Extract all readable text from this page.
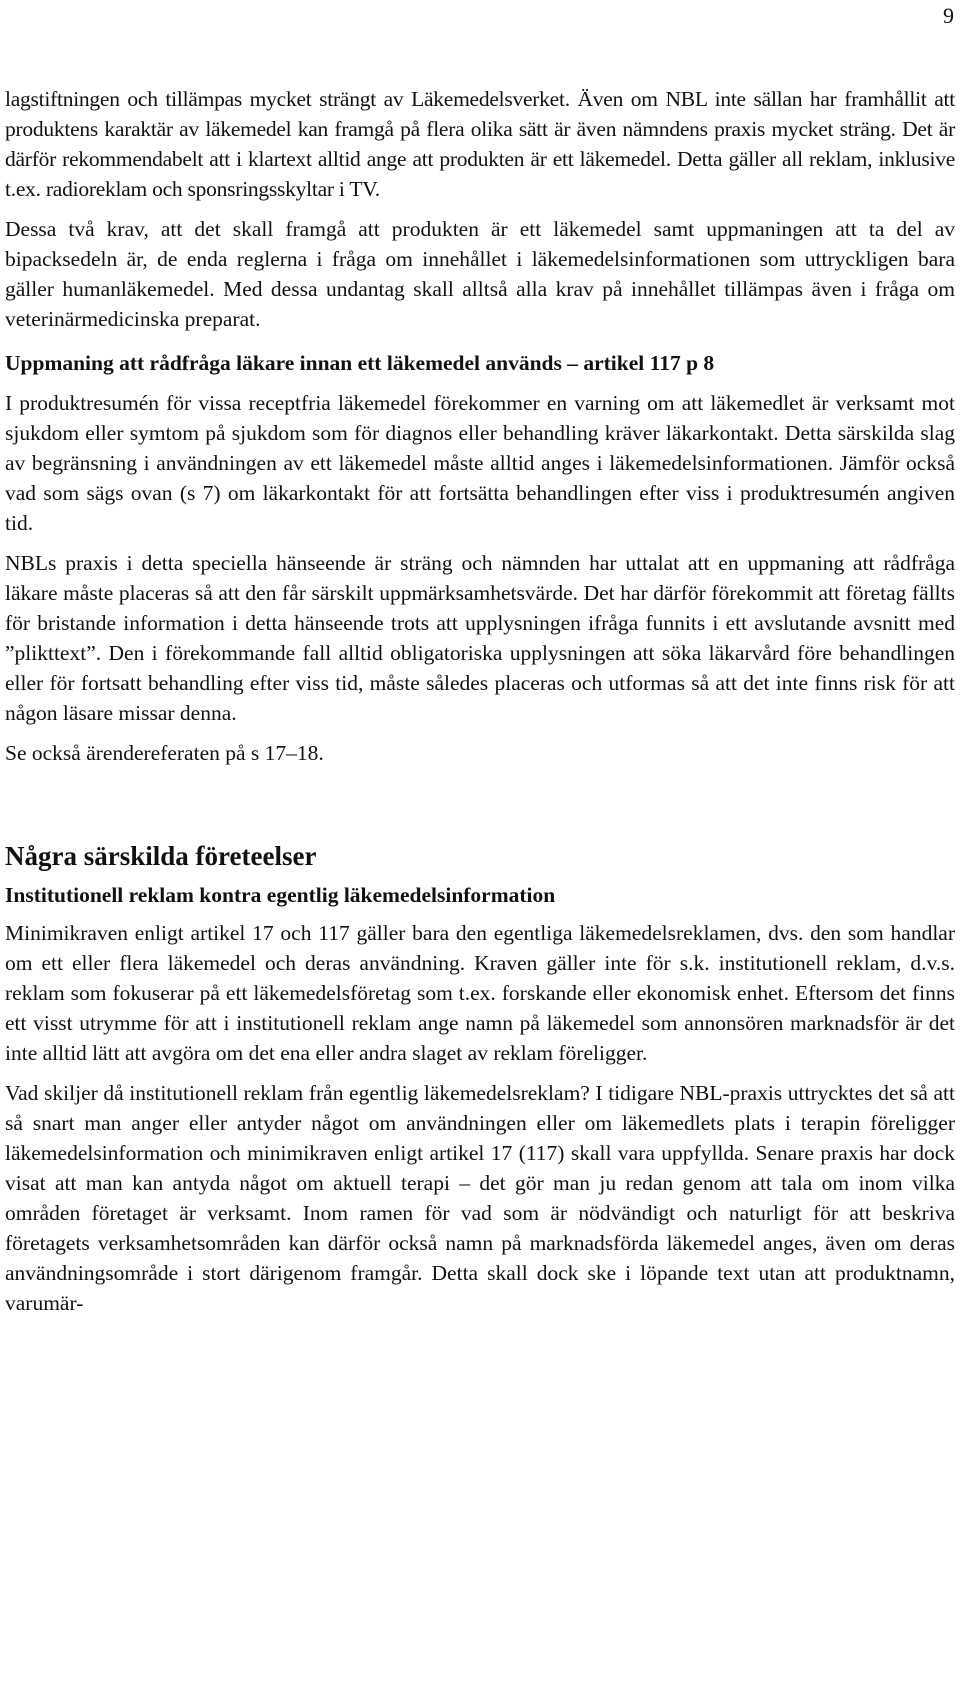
9

lagstiftningen och tillämpas mycket strängt av Läkemedelsverket. Även om NBL inte sällan har framhållit att produktens karaktär av läkemedel kan framgå på flera olika sätt är även nämndens praxis mycket sträng. Det är därför rekommendabelt att i klartext alltid ange att produkten är ett läkemedel. Detta gäller all reklam, inklusive t.ex. radioreklam och sponsringsskyltar i TV.

Dessa två krav, att det skall framgå att produkten är ett läkemedel samt uppmaningen att ta del av bipacksedeln är, de enda reglerna i fråga om innehållet i läkemedelsinformationen som uttryckligen bara gäller humanläkemedel. Med dessa undantag skall alltså alla krav på innehållet tillämpas även i fråga om veterinärmedicinska preparat.

Uppmaning att rådfråga läkare innan ett läkemedel används – artikel 117 p 8

I produktresumén för vissa receptfria läkemedel förekommer en varning om att läkemedlet är verksamt mot sjukdom eller symtom på sjukdom som för diagnos eller behandling kräver läkarkontakt. Detta särskilda slag av begränsning i användningen av ett läkemedel måste alltid anges i läkemedelsinformationen. Jämför också vad som sägs ovan (s 7) om läkarkontakt för att fortsätta behandlingen efter viss i produktresumén angiven tid.

NBLs praxis i detta speciella hänseende är sträng och nämnden har uttalat att en uppmaning att rådfråga läkare måste placeras så att den får särskilt uppmärksamhetsvärde. Det har därför förekommit att företag fällts för bristande information i detta hänseende trots att upplysningen ifråga funnits i ett avslutande avsnitt med ”plikttext”. Den i förekommande fall alltid obligatoriska upplysningen att söka läkarvård före behandlingen eller för fortsatt behandling efter viss tid, måste således placeras och utformas så att det inte finns risk för att någon läsare missar denna.

Se också ärendereferaten på s 17–18.

Några särskilda företeelser
Institutionell reklam kontra egentlig läkemedelsinformation

Minimikraven enligt artikel 17 och 117 gäller bara den egentliga läkemedelsreklamen, dvs. den som handlar om ett eller flera läkemedel och deras användning. Kraven gäller inte för s.k. institutionell reklam, d.v.s. reklam som fokuserar på ett läkemedelsföretag som t.ex. forskande eller ekonomisk enhet. Eftersom det finns ett visst utrymme för att i institutionell reklam ange namn på läkemedel som annonsören marknadsför är det inte alltid lätt att avgöra om det ena eller andra slaget av reklam föreligger.

Vad skiljer då institutionell reklam från egentlig läkemedelsreklam? I tidigare NBL-praxis uttrycktes det så att så snart man anger eller antyder något om användningen eller om läkemedlets plats i terapin föreligger läkemedelsinformation och minimikraven enligt artikel 17 (117) skall vara uppfyllda. Senare praxis har dock visat att man kan antyda något om aktuell terapi – det gör man ju redan genom att tala om inom vilka områden företaget är verksamt. Inom ramen för vad som är nödvändigt och naturligt för att beskriva företagets verksamhetsområden kan därför också namn på marknadsförda läkemedel anges, även om deras användningsområde i stort därigenom framgår. Detta skall dock ske i löpande text utan att produktnamn, varumär-
